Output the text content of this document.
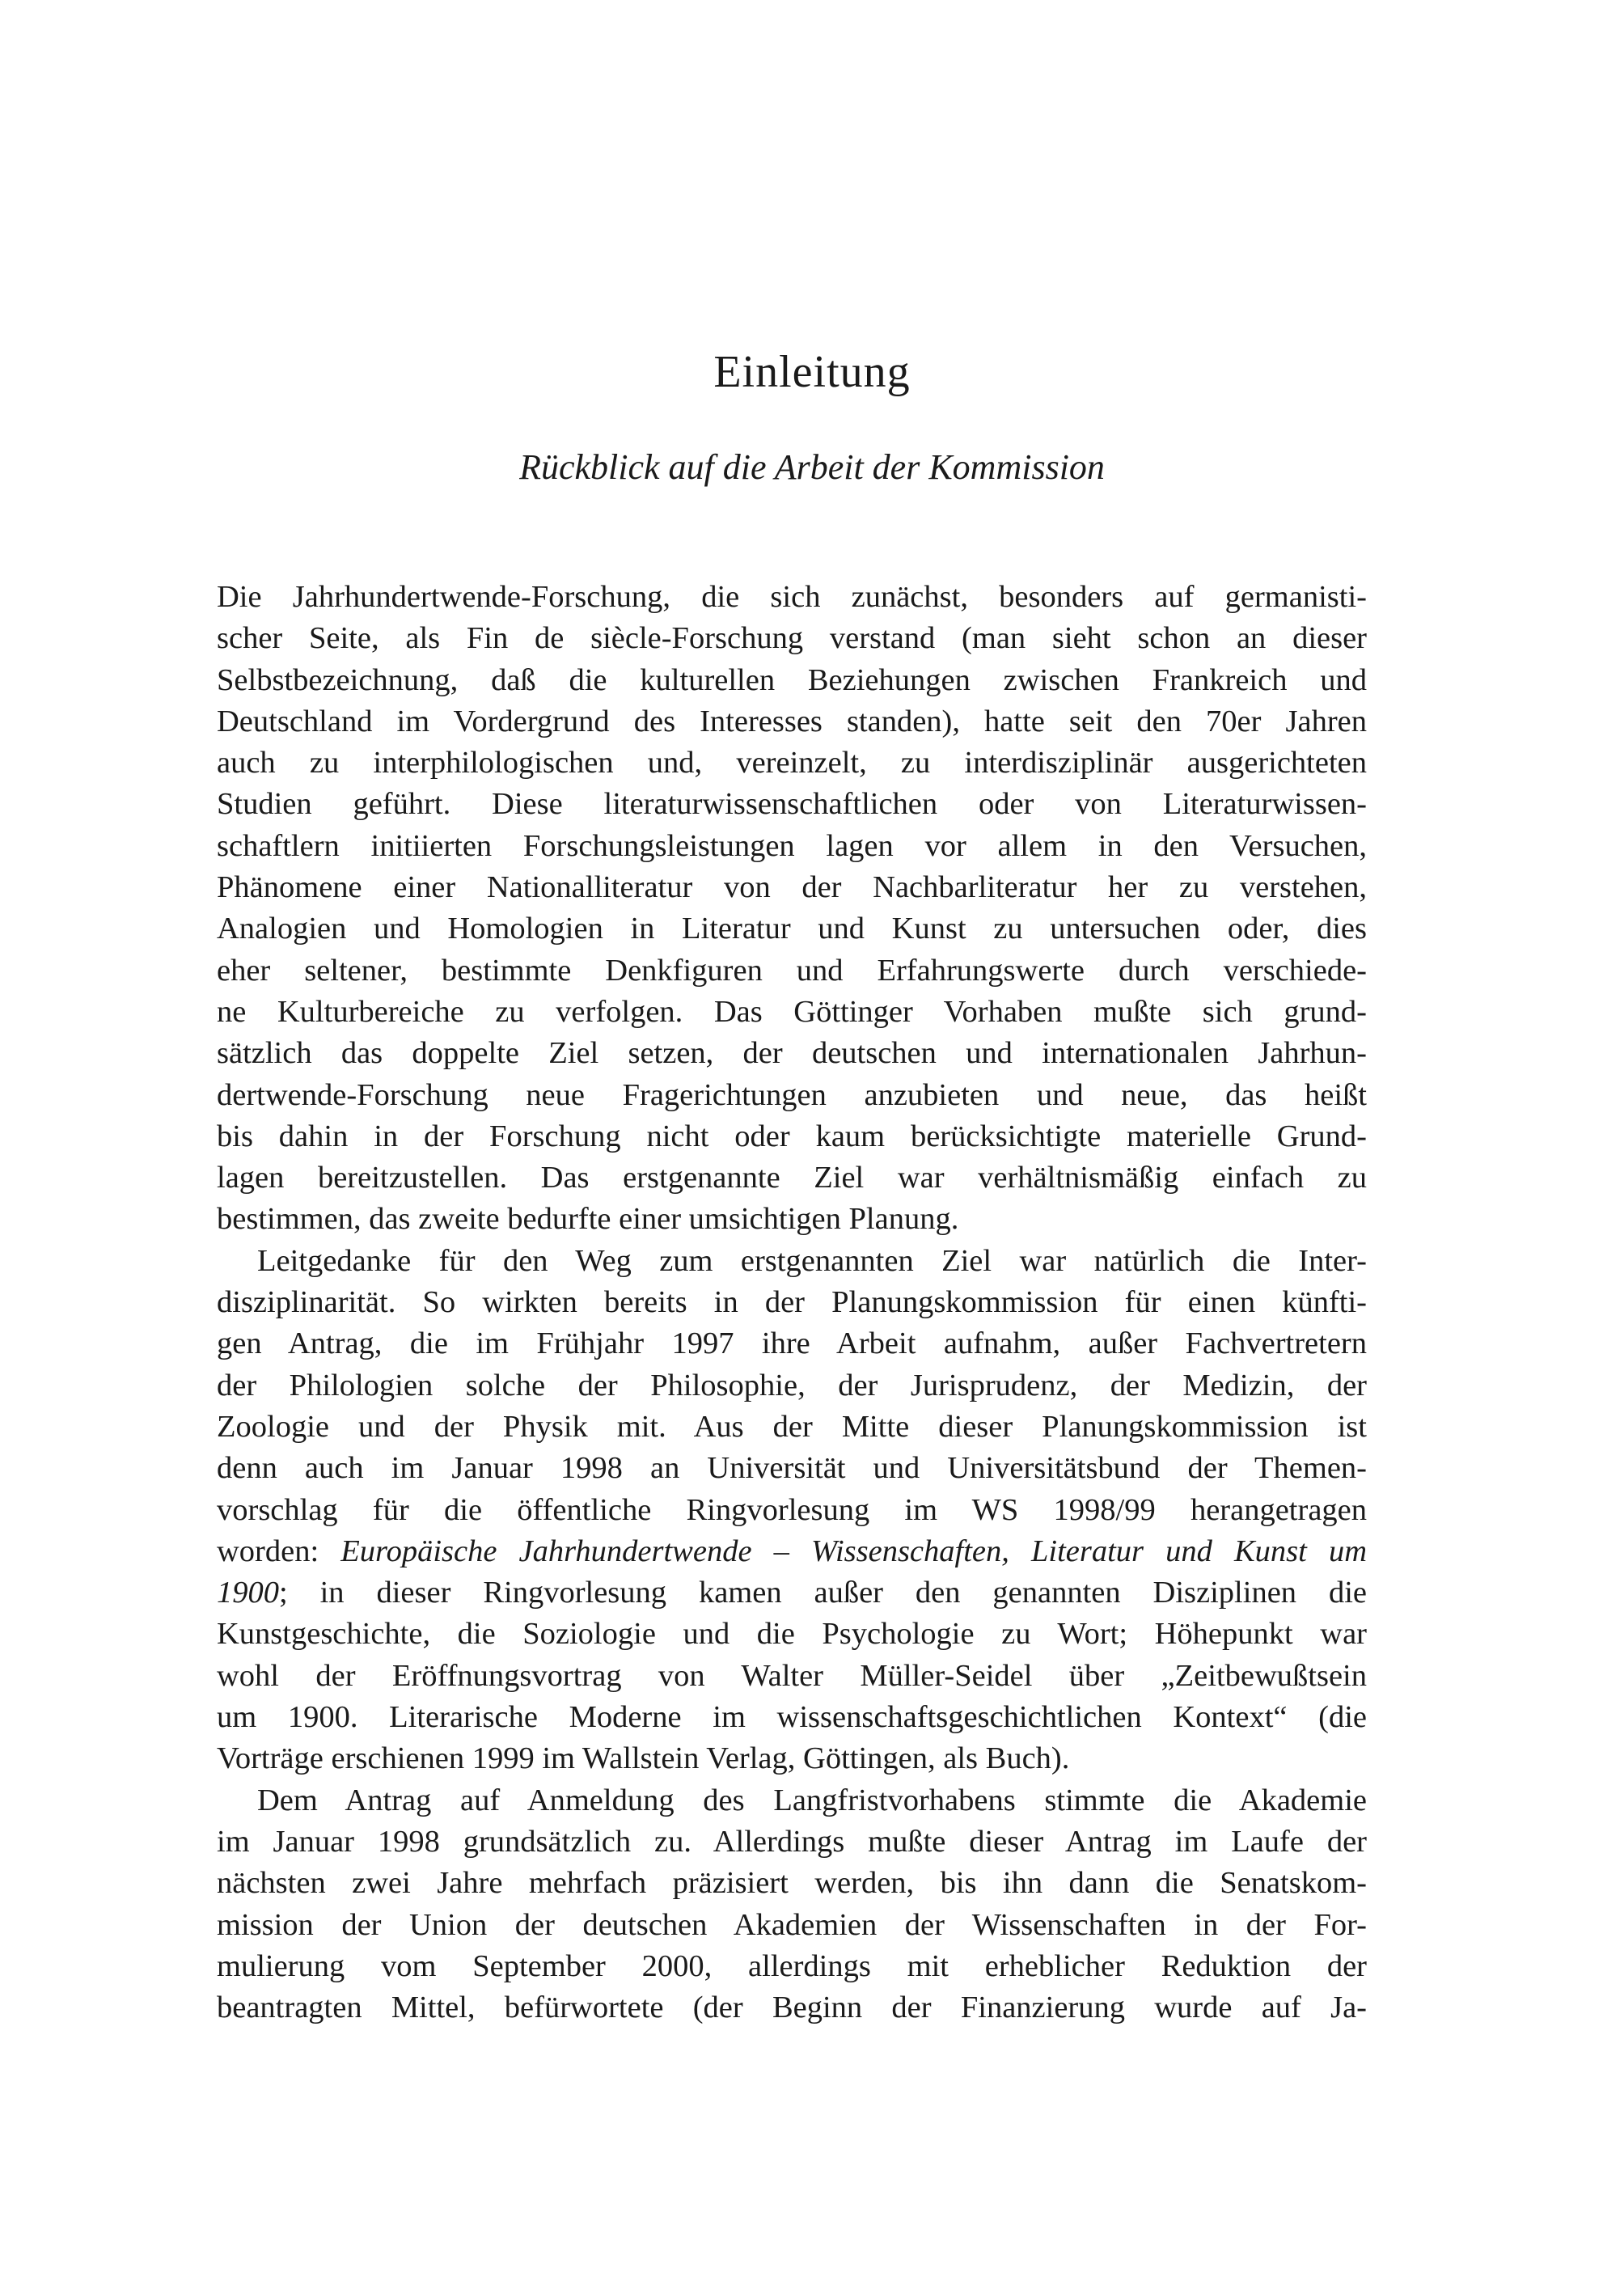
Einleitung
Rückblick auf die Arbeit der Kommission
Die Jahrhundertwende-Forschung, die sich zunächst, besonders auf germanisti-
scher Seite, als Fin de siècle-Forschung verstand (man sieht schon an dieser
Selbstbezeichnung, daß die kulturellen Beziehungen zwischen Frankreich und
Deutschland im Vordergrund des Interesses standen), hatte seit den 70er Jahren
auch zu interphilologischen und, vereinzelt, zu interdisziplinär ausgerichteten
Studien geführt. Diese literaturwissenschaftlichen oder von Literaturwissen-
schaftlern initiierten Forschungsleistungen lagen vor allem in den Versuchen,
Phänomene einer Nationalliteratur von der Nachbarliteratur her zu verstehen,
Analogien und Homologien in Literatur und Kunst zu untersuchen oder, dies
eher seltener, bestimmte Denkfiguren und Erfahrungswerte durch verschiede-
ne Kulturbereiche zu verfolgen. Das Göttinger Vorhaben mußte sich grund-
sätzlich das doppelte Ziel setzen, der deutschen und internationalen Jahrhun-
dertwende-Forschung neue Fragerichtungen anzubieten und neue, das heißt
bis dahin in der Forschung nicht oder kaum berücksichtigte materielle Grund-
lagen bereitzustellen. Das erstgenannte Ziel war verhältnismäßig einfach zu
bestimmen, das zweite bedurfte einer umsichtigen Planung.
Leitgedanke für den Weg zum erstgenannten Ziel war natürlich die Inter-
disziplinarität. So wirkten bereits in der Planungskommission für einen künfti-
gen Antrag, die im Frühjahr 1997 ihre Arbeit aufnahm, außer Fachvertretern
der Philologien solche der Philosophie, der Jurisprudenz, der Medizin, der
Zoologie und der Physik mit. Aus der Mitte dieser Planungskommission ist
denn auch im Januar 1998 an Universität und Universitätsbund der Themen-
vorschlag für die öffentliche Ringvorlesung im WS 1998/99 herangetragen
worden: Europäische Jahrhundertwende – Wissenschaften, Literatur und Kunst um
1900; in dieser Ringvorlesung kamen außer den genannten Disziplinen die
Kunstgeschichte, die Soziologie und die Psychologie zu Wort; Höhepunkt war
wohl der Eröffnungsvortrag von Walter Müller-Seidel über „Zeitbewußtsein
um 1900. Literarische Moderne im wissenschaftsgeschichtlichen Kontext“ (die
Vorträge erschienen 1999 im Wallstein Verlag, Göttingen, als Buch).
Dem Antrag auf Anmeldung des Langfristvorhabens stimmte die Akademie
im Januar 1998 grundsätzlich zu. Allerdings mußte dieser Antrag im Laufe der
nächsten zwei Jahre mehrfach präzisiert werden, bis ihn dann die Senatskom-
mission der Union der deutschen Akademien der Wissenschaften in der For-
mulierung vom September 2000, allerdings mit erheblicher Reduktion der
beantragten Mittel, befürwortete (der Beginn der Finanzierung wurde auf Ja-
